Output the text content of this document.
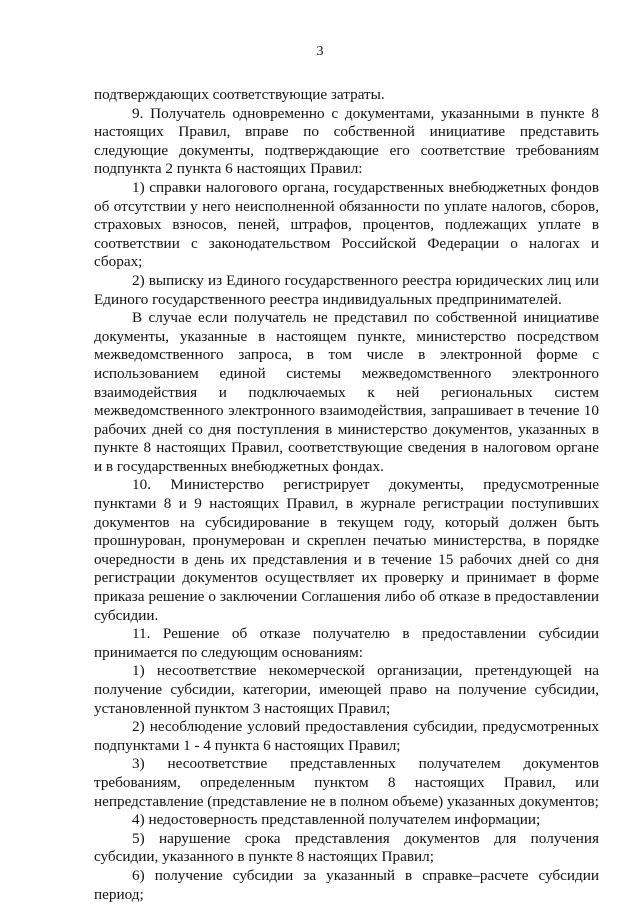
3

подтверждающих соответствующие затраты.

9. Получатель одновременно с документами, указанными в пункте 8 настоящих Правил, вправе по собственной инициативе представить следующие документы, подтверждающие его соответствие требованиям подпункта 2 пункта 6 настоящих Правил:

1) справки налогового органа, государственных внебюджетных фондов об отсутствии у него неисполненной обязанности по уплате налогов, сборов, страховых взносов, пеней, штрафов, процентов, подлежащих уплате в соответствии с законодательством Российской Федерации о налогах и сборах;

2) выписку из Единого государственного реестра юридических лиц или Единого государственного реестра индивидуальных предпринимателей.

В случае если получатель не представил по собственной инициативе документы, указанные в настоящем пункте, министерство посредством межведомственного запроса, в том числе в электронной форме с использованием единой системы межведомственного электронного взаимодействия и подключаемых к ней региональных систем межведомственного электронного взаимодействия, запрашивает в течение 10 рабочих дней со дня поступления в министерство документов, указанных в пункте 8 настоящих Правил, соответствующие сведения в налоговом органе и в государственных внебюджетных фондах.

10. Министерство регистрирует документы, предусмотренные пунктами 8 и 9 настоящих Правил, в журнале регистрации поступивших документов на субсидирование в текущем году, который должен быть прошнурован, пронумерован и скреплен печатью министерства, в порядке очередности в день их представления и в течение 15 рабочих дней со дня регистрации документов осуществляет их проверку и принимает в форме приказа решение о заключении Соглашения либо об отказе в предоставлении субсидии.

11. Решение об отказе получателю в предоставлении субсидии принимается по следующим основаниям:

1) несоответствие некомерческой организации, претендующей на получение субсидии, категории, имеющей право на получение субсидии, установленной пунктом 3 настоящих Правил;

2) несоблюдение условий предоставления субсидии, предусмотренных подпунктами 1 - 4 пункта 6 настоящих Правил;

3) несоответствие представленных получателем документов требованиям, определенным пунктом 8 настоящих Правил, или непредставление (представление не в полном объеме) указанных документов;

4) недостоверность представленной получателем информации;

5) нарушение срока представления документов для получения субсидии, указанного в пункте 8 настоящих Правил;

6) получение субсидии за указанный в справке–расчете субсидии период;
